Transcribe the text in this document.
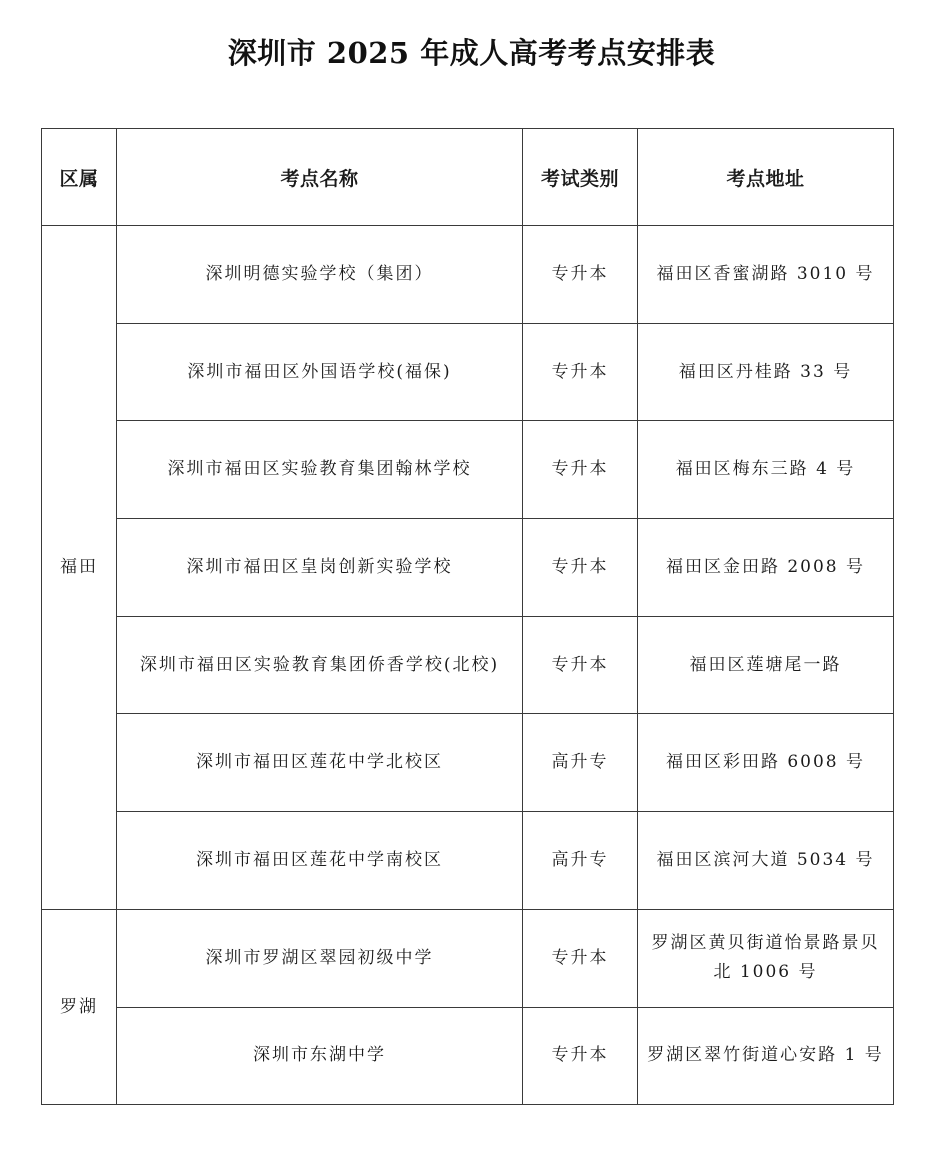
深圳市 2025 年成人高考考点安排表
区属	考点名称	考试类别	考点地址
福田	深圳明德实验学校（集团）	专升本	福田区香蜜湖路 3010 号
	深圳市福田区外国语学校(福保)	专升本	福田区丹桂路 33 号
	深圳市福田区实验教育集团翰林学校	专升本	福田区梅东三路 4 号
	深圳市福田区皇岗创新实验学校	专升本	福田区金田路 2008 号
	深圳市福田区实验教育集团侨香学校(北校)	专升本	福田区莲塘尾一路
	深圳市福田区莲花中学北校区	高升专	福田区彩田路 6008 号
	深圳市福田区莲花中学南校区	高升专	福田区滨河大道 5034 号
罗湖	深圳市罗湖区翠园初级中学	专升本	罗湖区黄贝街道怡景路景贝北 1006 号
	深圳市东湖中学	专升本	罗湖区翠竹街道心安路 1 号
